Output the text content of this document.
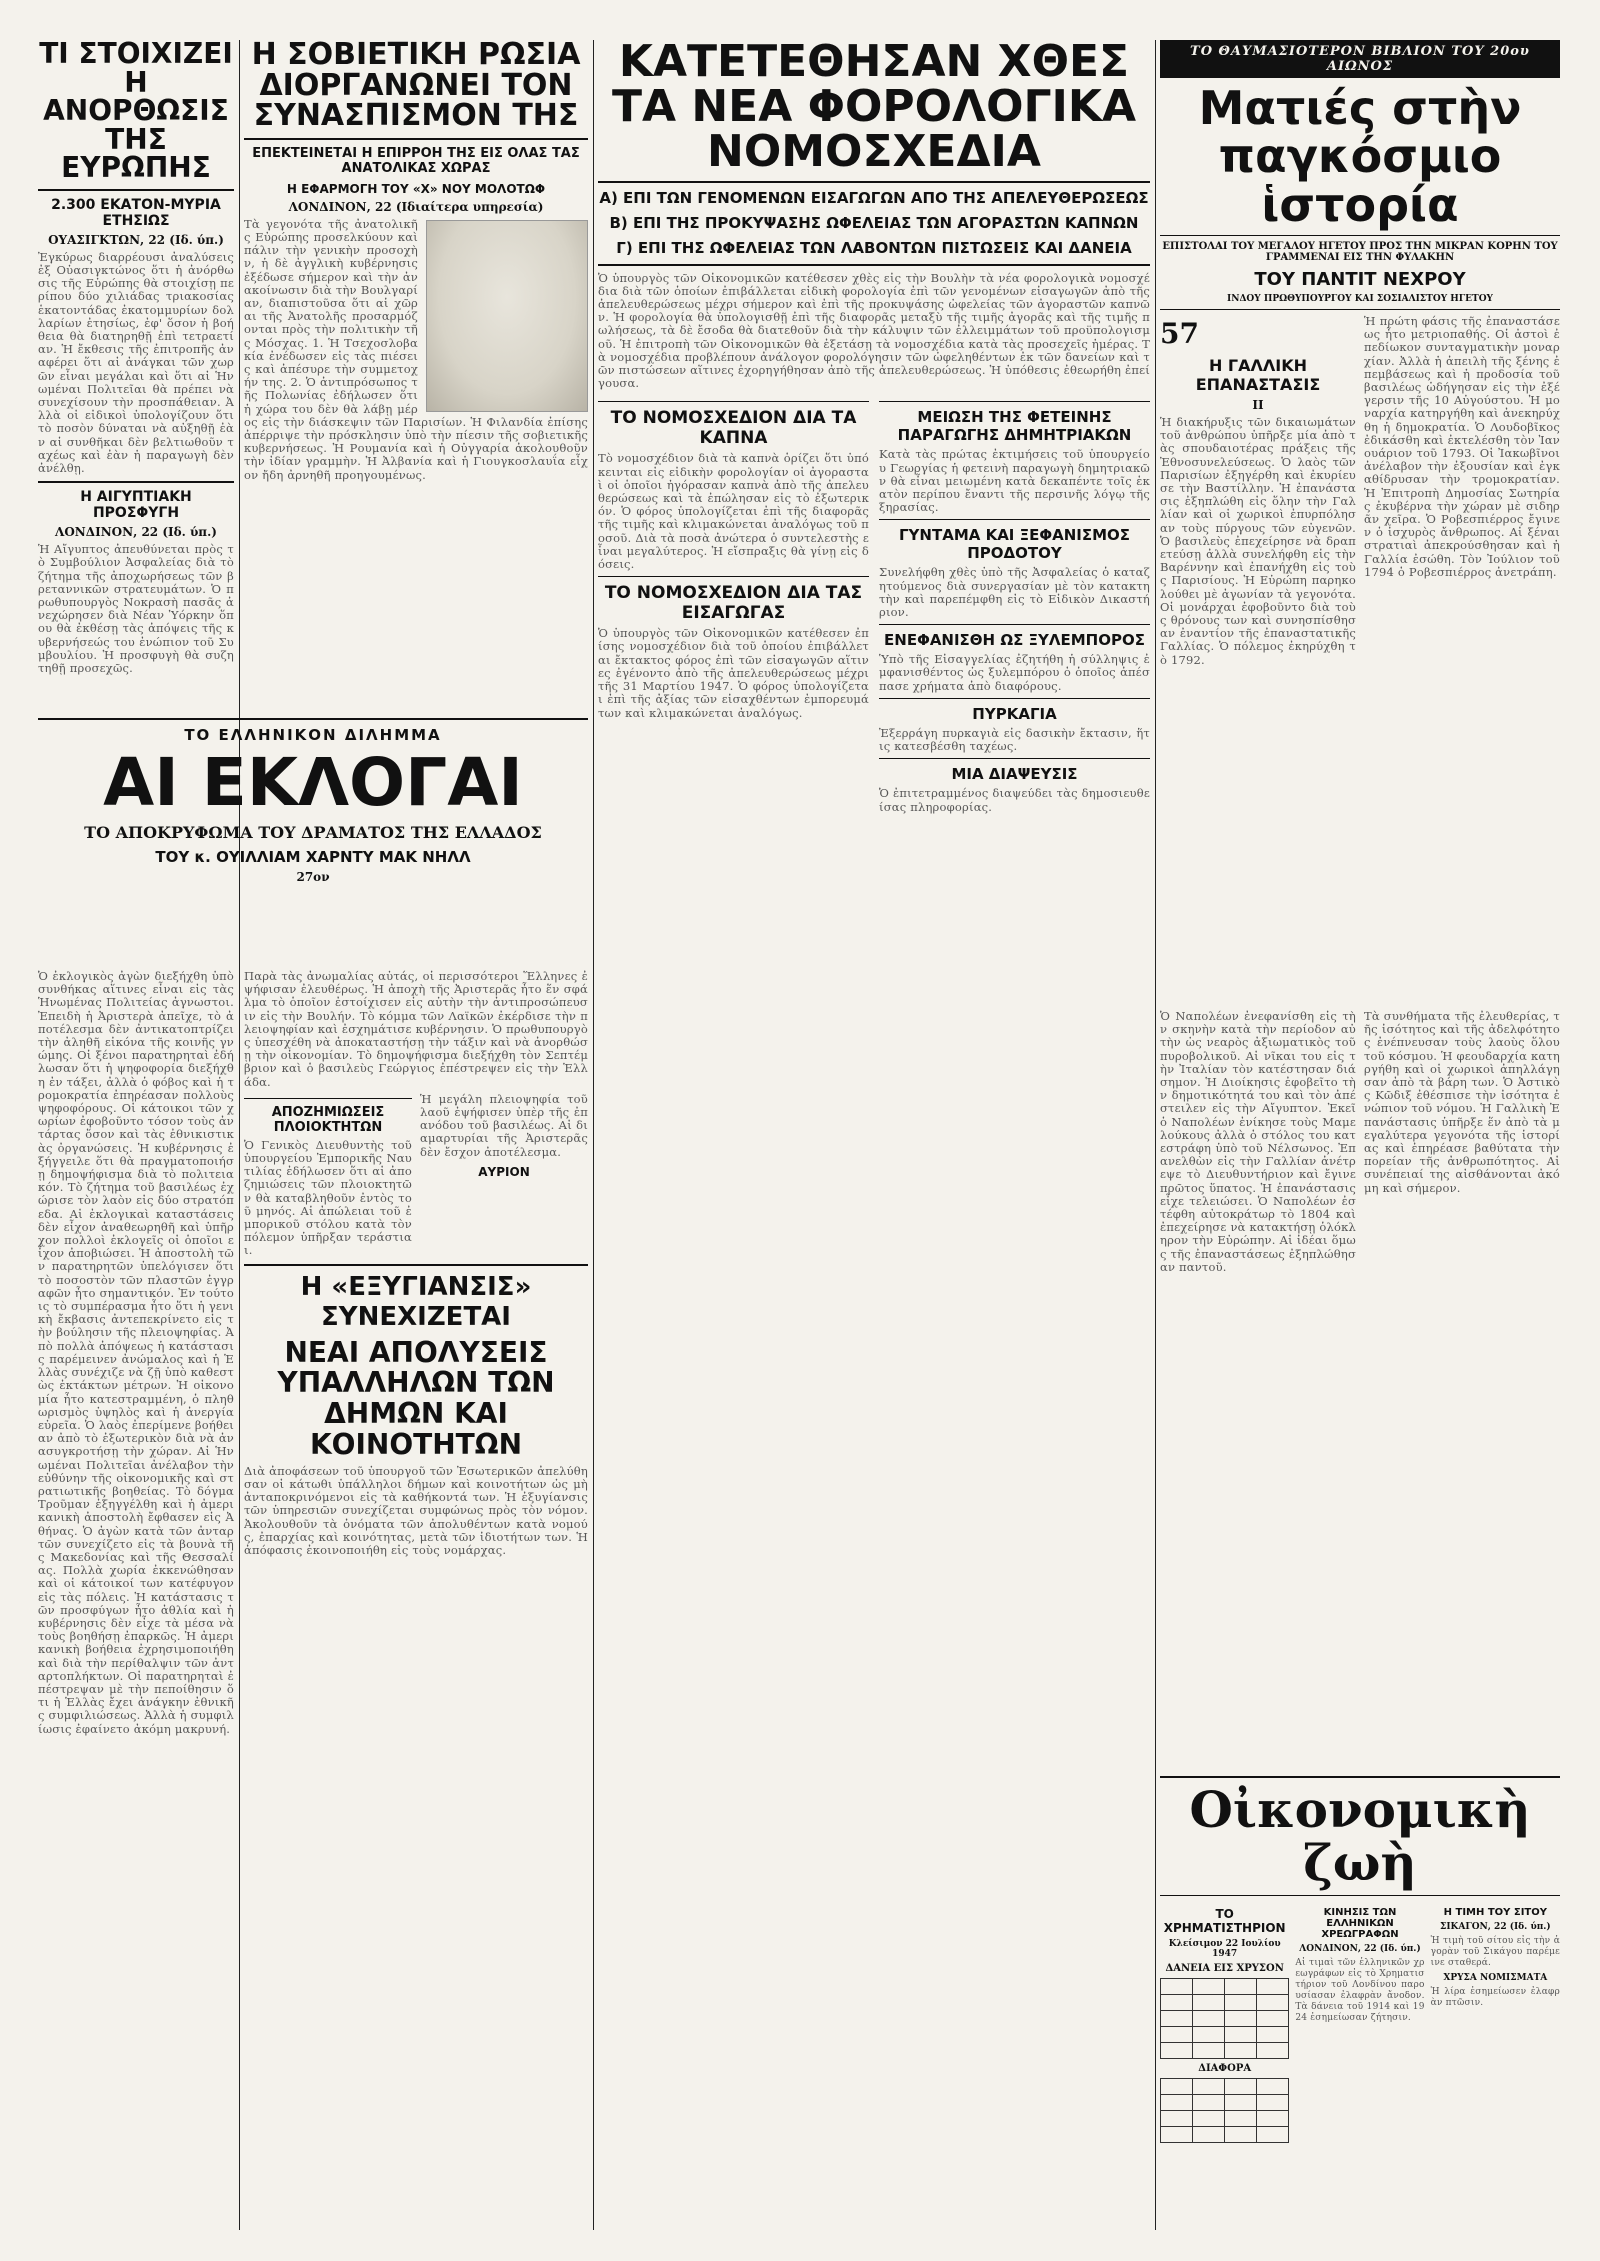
ΤΙ ΣΤΟΙΧΙΖΕΙ Η ΑΝΟΡΘΩΣΙΣ ΤΗΣ ΕΥΡΩΠΗΣ
2.300 ΕΚΑΤΟΝ-ΜΥΡΙΑ ΕΤΗΣΙΩΣ
ΟΥΑΣΙΓΚΤΩΝ, 22 (Ιδ. ύπ.)

Ἐγκύρως διαρρέουσι ἀναλύσεις ἐξ Οὐασιγκτώνος ὅτι ἡ ἀνόρθωσις τῆς Εὐρώπης θὰ στοιχίσῃ περίπου δύο χιλιάδας τριακοσίας ἑκατοντάδας ἐκατομμυρίων δολλαρίων ἐτησίως, ἐφ' ὅσον ἡ βοήθεια θὰ διατηρηθῇ ἐπὶ τετραετίαν. Ἡ ἔκθεσις τῆς ἐπιτροπῆς ἀναφέρει ὅτι αἱ ἀνάγκαι τῶν χωρῶν εἶναι μεγάλαι καὶ ὅτι αἱ Ἡνωμέναι Πολιτεῖαι θὰ πρέπει νὰ συνεχίσουν τὴν προσπάθειαν. Ἀλλὰ οἱ εἰδικοὶ ὑπολογίζουν ὅτι τὸ ποσὸν δύναται νὰ αὐξηθῇ ἐὰν αἱ συνθῆκαι δὲν βελτιωθοῦν ταχέως καὶ ἐὰν ἡ παραγωγὴ δὲν ἀνέλθῃ.

Η ΑΙΓΥΠΤΙΑΚΗ ΠΡΟΣΦΥΓΗ
ΛΟΝΔΙΝΟΝ, 22 (Ιδ. ύπ.)

Ἡ Αἴγυπτος ἀπευθύνεται πρὸς τὸ Συμβούλιον Ἀσφαλείας διὰ τὸ ζήτημα τῆς ἀποχωρήσεως τῶν βρεταννικῶν στρατευμάτων. Ὁ πρωθυπουργὸς Νοκρασὴ πασᾶς ἀνεχώρησεν διὰ Νέαν Ὑόρκην ὅπου θὰ ἐκθέσῃ τὰς ἀπόψεις τῆς κυβερνήσεώς του ἐνώπιον τοῦ Συμβουλίου. Ἡ προσφυγὴ θὰ συζητηθῇ προσεχῶς.

Η ΣΟΒΙΕΤΙΚΗ ΡΩΣΙΑ ΔΙΟΡΓΑΝΩΝΕΙ ΤΟΝ ΣΥΝΑΣΠΙΣΜΟΝ ΤΗΣ
ΕΠΕΚΤΕΙΝΕΤΑΙ Η ΕΠΙΡΡΟΗ ΤΗΣ ΕΙΣ ΟΛΑΣ ΤΑΣ ΑΝΑΤΟΛΙΚΑΣ ΧΩΡΑΣ
Η ΕΦΑΡΜΟΓΗ ΤΟΥ «Χ» ΝΟΥ ΜΟΛΟΤΩΦ
ΛΟΝΔΙΝΟΝ, 22 (Ιδιαίτερα υπηρεσία)

Τὰ γεγονότα τῆς ἀνατολικῆς Εὐρώπης προσελκύουν καὶ πάλιν τὴν γενικὴν προσοχὴν, ἡ δὲ ἀγγλικὴ κυβέρνησις ἐξέδωσε σήμερον καὶ τὴν ἀνακοίνωσιν διὰ τὴν Βουλγαρίαν, διαπιστοῦσα ὅτι αἱ χῶραι τῆς Ἀνατολῆς προσαρμόζονται πρὸς τὴν πολιτικὴν τῆς Μόσχας. 1. Ἡ Τσεχοσλοβακία ἐνέδωσεν εἰς τὰς πιέσεις καὶ ἀπέσυρε τὴν συμμετοχήν της. 2. Ὁ ἀντιπρόσωπος τῆς Πολωνίας ἐδήλωσεν ὅτι ἡ χώρα του δὲν θὰ λάβῃ μέρος εἰς τὴν διάσκεψιν τῶν Παρισίων. Ἡ Φιλανδία ἐπίσης ἀπέρριψε τὴν πρόσκλησιν ὑπὸ τὴν πίεσιν τῆς σοβιετικῆς κυβερνήσεως. Ἡ Ρουμανία καὶ ἡ Οὐγγαρία ἀκολουθοῦν τὴν ἰδίαν γραμμὴν. Ἡ Ἀλβανία καὶ ἡ Γιουγκοσλαυΐα εἶχον ἤδη ἀρνηθῆ προηγουμένως.

ΚΑΤΕΤΕΘΗΣΑΝ ΧΘΕΣ ΤΑ ΝΕΑ ΦΟΡΟΛΟΓΙΚΑ ΝΟΜΟΣΧΕΔΙΑ
Α) ΕΠΙ ΤΩΝ ΓΕΝΟΜΕΝΩΝ ΕΙΣΑΓΩΓΩΝ ΑΠΟ ΤΗΣ ΑΠΕΛΕΥΘΕΡΩΣΕΩΣ
Β) ΕΠΙ ΤΗΣ ΠΡΟΚΥΨΑΣΗΣ ΩΦΕΛΕΙΑΣ ΤΩΝ ΑΓΟΡΑΣΤΩΝ ΚΑΠΝΩΝ
Γ) ΕΠΙ ΤΗΣ ΩΦΕΛΕΙΑΣ ΤΩΝ ΛΑΒΟΝΤΩΝ ΠΙΣΤΩΣΕΙΣ ΚΑΙ ΔΑΝΕΙΑ

Ὁ ὑπουργὸς τῶν Οἰκονομικῶν κατέθεσεν χθὲς εἰς τὴν Βουλὴν τὰ νέα φορολογικὰ νομοσχέδια διὰ τῶν ὁποίων ἐπιβάλλεται εἰδικὴ φορολογία ἐπὶ τῶν γενομένων εἰσαγωγῶν ἀπὸ τῆς ἀπελευθερώσεως μέχρι σήμερον καὶ ἐπὶ τῆς προκυψάσης ὠφελείας τῶν ἀγοραστῶν καπνῶν. Ἡ φορολογία θὰ ὑπολογισθῇ ἐπὶ τῆς διαφορᾶς μεταξὺ τῆς τιμῆς ἀγορᾶς καὶ τῆς τιμῆς πωλήσεως, τὰ δὲ ἔσοδα θὰ διατεθοῦν διὰ τὴν κάλυψιν τῶν ἐλλειμμάτων τοῦ προϋπολογισμοῦ. Ἡ ἐπιτροπὴ τῶν Οἰκονομικῶν θὰ ἐξετάσῃ τὰ νομοσχέδια κατὰ τὰς προσεχεῖς ἡμέρας. Τὰ νομοσχέδια προβλέπουν ἀνάλογον φορολόγησιν τῶν ὠφεληθέντων ἐκ τῶν δανείων καὶ τῶν πιστώσεων αἵτινες ἐχορηγήθησαν ἀπὸ τῆς ἀπελευθερώσεως. Ἡ ὑπόθεσις ἐθεωρήθη ἐπείγουσα.

ΤΟ ΝΟΜΟΣΧΕΔΙΟΝ ΔΙΑ ΤΑ ΚΑΠΝΑ

Τὸ νομοσχέδιον διὰ τὰ καπνὰ ὁρίζει ὅτι ὑπόκεινται εἰς εἰδικὴν φορολογίαν οἱ ἀγορασταὶ οἱ ὁποῖοι ἠγόρασαν καπνὰ ἀπὸ τῆς ἀπελευθερώσεως καὶ τὰ ἐπώλησαν εἰς τὸ ἐξωτερικόν. Ὁ φόρος ὑπολογίζεται ἐπὶ τῆς διαφορᾶς τῆς τιμῆς καὶ κλιμακώνεται ἀναλόγως τοῦ ποσοῦ. Διὰ τὰ ποσὰ ἀνώτερα ὁ συντελεστὴς εἶναι μεγαλύτερος. Ἡ εἴσπραξις θὰ γίνῃ εἰς δόσεις.

ΤΟ ΝΟΜΟΣΧΕΔΙΟΝ ΔΙΑ ΤΑΣ ΕΙΣΑΓΩΓΑΣ

Ὁ ὑπουργὸς τῶν Οἰκονομικῶν κατέθεσεν ἐπίσης νομοσχέδιον διὰ τοῦ ὁποίου ἐπιβάλλεται ἔκτακτος φόρος ἐπὶ τῶν εἰσαγωγῶν αἵτινες ἐγένοντο ἀπὸ τῆς ἀπελευθερώσεως μέχρι τῆς 31 Μαρτίου 1947. Ὁ φόρος ὑπολογίζεται ἐπὶ τῆς ἀξίας τῶν εἰσαχθέντων ἐμπορευμάτων καὶ κλιμακώνεται ἀναλόγως.

ΜΕΙΩΣΗ ΤΗΣ ΦΕΤΕΙΝΗΣ ΠΑΡΑΓΩΓΗΣ ΔΗΜΗΤΡΙΑΚΩΝ

Κατὰ τὰς πρώτας ἐκτιμήσεις τοῦ ὑπουργείου Γεωργίας ἡ φετεινὴ παραγωγὴ δημητριακῶν θὰ εἶναι μειωμένη κατὰ δεκαπέντε τοῖς ἑκατὸν περίπου ἔναντι τῆς περσινῆς λόγῳ τῆς ξηρασίας.

ΓΥΝΤΑΜΑ ΚΑΙ ΞΕΦΑΝΙΣΜΟΣ ΠΡΟΔΟΤΟΥ

Συνελήφθη χθὲς ὑπὸ τῆς Ἀσφαλείας ὁ καταζητούμενος διὰ συνεργασίαν μὲ τὸν κατακτητὴν καὶ παρεπέμφθη εἰς τὸ Εἰδικὸν Δικαστήριον.

ΕΝΕΦΑΝΙΣΘΗ ΩΣ ΞΥΛΕΜΠΟΡΟΣ

Ὑπὸ τῆς Εἰσαγγελίας ἐζητήθη ἡ σύλληψις ἐμφανισθέντος ὡς ξυλεμπόρου ὁ ὁποῖος ἀπέσπασε χρήματα ἀπὸ διαφόρους.

ΠΥΡΚΑΓΙΑ

Ἐξερράγη πυρκαγιὰ εἰς δασικὴν ἔκτασιν, ἥτις κατεσβέσθη ταχέως.

ΜΙΑ ΔΙΑΨΕΥΣΙΣ

Ὁ ἐπιτετραμμένος διαψεύδει τὰς δημοσιευθείσας πληροφορίας.

ΤΟ ΘΑΥΜΑΣΙΟΤΕΡΟΝ ΒΙΒΛΙΟΝ ΤΟΥ 20ου ΑΙΩΝΟΣ
Ματιές στὴν παγκόσμιο ἱστορία
ΕΠΙΣΤΟΛΑΙ ΤΟΥ ΜΕΓΑΛΟΥ ΗΓΕΤΟΥ ΠΡΟΣ ΤΗΝ ΜΙΚΡΑΝ ΚΟΡΗΝ ΤΟΥ ΓΡΑΜΜΕΝΑΙ ΕΙΣ ΤΗΝ ΦΥΛΑΚΗΝ
ΤΟΥ ΠΑΝΤΙΤ ΝΕΧΡΟΥ
ΙΝΔΟΥ ΠΡΩΘΥΠΟΥΡΓΟΥ ΚΑΙ ΣΟΣΙΑΛΙΣΤΟΥ ΗΓΕΤΟΥ
57
Η ΓΑΛΛΙΚΗ ΕΠΑΝΑΣΤΑΣΙΣ
ΙΙ

Ἡ διακήρυξις τῶν δικαιωμάτων τοῦ ἀνθρώπου ὑπῆρξε μία ἀπὸ τὰς σπουδαιοτέρας πράξεις τῆς Ἐθνοσυνελεύσεως. Ὁ λαὸς τῶν Παρισίων ἐξηγέρθη καὶ ἐκυρίευσε τὴν Βαστίλλην. Ἡ ἐπανάστασις ἐξηπλώθη εἰς ὅλην τὴν Γαλλίαν καὶ οἱ χωρικοὶ ἐπυρπόλησαν τοὺς πύργους τῶν εὐγενῶν. Ὁ βασιλεὺς ἐπεχείρησε νὰ δραπετεύσῃ ἀλλὰ συνελήφθη εἰς τὴν Βαρέννην καὶ ἐπανήχθη εἰς τοὺς Παρισίους. Ἡ Εὐρώπη παρηκολούθει μὲ ἀγωνίαν τὰ γεγονότα. Οἱ μονάρχαι ἐφοβοῦντο διὰ τοὺς θρόνους των καὶ συνησπίσθησαν ἐναντίον τῆς ἐπαναστατικῆς Γαλλίας. Ὁ πόλεμος ἐκηρύχθη τὸ 1792.

Ἡ πρώτη φάσις τῆς ἐπαναστάσεως ἦτο μετριοπαθής. Οἱ ἀστοὶ ἐπεδίωκον συνταγματικὴν μοναρχίαν. Ἀλλὰ ἡ ἀπειλὴ τῆς ξένης ἐπεμβάσεως καὶ ἡ προδοσία τοῦ βασιλέως ὡδήγησαν εἰς τὴν ἐξέγερσιν τῆς 10 Αὐγούστου. Ἡ μοναρχία κατηργήθη καὶ ἀνεκηρύχθη ἡ δημοκρατία. Ὁ Λουδοβῖκος ἐδικάσθη καὶ ἐκτελέσθη τὸν Ἰανουάριον τοῦ 1793. Οἱ Ἰακωβῖνοι ἀνέλαβον τὴν ἐξουσίαν καὶ ἐγκαθίδρυσαν τὴν τρομοκρατίαν. Ἡ Ἐπιτροπὴ Δημοσίας Σωτηρίας ἐκυβέρνα τὴν χώραν μὲ σιδηρᾶν χεῖρα. Ὁ Ροβεσπιέρρος ἔγινεν ὁ ἰσχυρὸς ἄνθρωπος. Αἱ ξέναι στρατιαὶ ἀπεκρούσθησαν καὶ ἡ Γαλλία ἐσώθη. Τὸν Ἰούλιον τοῦ 1794 ὁ Ροβεσπιέρρος ἀνετράπη.

ΤΟ ΕΛΛΗΝΙΚΟΝ ΔΙΛΗΜΜΑ
ΑΙ ΕΚΛΟΓΑΙ
ΤΟ ΑΠΟΚΡΥΦΩΜΑ ΤΟΥ ΔΡΑΜΑΤΟΣ ΤΗΣ ΕΛΛΑΔΟΣ
ΤΟΥ κ. ΟΥΙΛΛΙΑΜ ΧΑΡΝΤΥ ΜΑΚ ΝΗΛΛ
27ον

Ὁ ἐκλογικὸς ἀγὼν διεξήχθη ὑπὸ συνθήκας αἵτινες εἶναι εἰς τὰς Ἡνωμένας Πολιτείας ἀγνωστοι. Ἐπειδὴ ἡ Ἀριστερὰ ἀπεῖχε, τὸ ἀποτέλεσμα δὲν ἀντικατοπτρίζει τὴν ἀληθῆ εἰκόνα τῆς κοινῆς γνώμης. Οἱ ξένοι παρατηρηταὶ ἐδήλωσαν ὅτι ἡ ψηφοφορία διεξήχθη ἐν τάξει, ἀλλὰ ὁ φόβος καὶ ἡ τρομοκρατία ἐπηρέασαν πολλοὺς ψηφοφόρους. Οἱ κάτοικοι τῶν χωρίων ἐφοβοῦντο τόσον τοὺς ἀντάρτας ὅσον καὶ τὰς ἐθνικιστικὰς ὀργανώσεις. Ἡ κυβέρνησις ἐξήγγειλε ὅτι θὰ πραγματοποιήσῃ δημοψήφισμα διὰ τὸ πολιτειακόν. Τὸ ζήτημα τοῦ βασιλέως ἐχώρισε τὸν λαὸν εἰς δύο στρατόπεδα. Αἱ ἐκλογικαὶ καταστάσεις δὲν εἶχον ἀναθεωρηθῆ καὶ ὑπῆρχον πολλοὶ ἐκλογεῖς οἱ ὁποῖοι εἶχον ἀποβιώσει. Ἡ ἀποστολὴ τῶν παρατηρητῶν ὑπελόγισεν ὅτι τὸ ποσοστὸν τῶν πλαστῶν ἐγγραφῶν ἦτο σημαντικόν. Ἐν τούτοις τὸ συμπέρασμα ἦτο ὅτι ἡ γενικὴ ἔκβασις ἀντεπεκρίνετο εἰς τὴν βούλησιν τῆς πλειοψηφίας. Ἀπὸ πολλὰ ἀπόψεως ἡ κατάστασις παρέμεινεν ἀνώμαλος καὶ ἡ Ἑλλὰς συνέχιζε νὰ ζῇ ὑπὸ καθεστὼς ἐκτάκτων μέτρων. Ἡ οἰκονομία ἦτο κατεστραμμένη, ὁ πληθωρισμὸς ὑψηλὸς καὶ ἡ ἀνεργία εὐρεῖα. Ὁ λαὸς ἐπερίμενε βοήθειαν ἀπὸ τὸ ἐξωτερικὸν διὰ νὰ ἀνασυγκροτήσῃ τὴν χώραν. Αἱ Ἡνωμέναι Πολιτεῖαι ἀνέλαβον τὴν εὐθύνην τῆς οἰκονομικῆς καὶ στρατιωτικῆς βοηθείας. Τὸ δόγμα Τροῦμαν ἐξηγγέλθη καὶ ἡ ἀμερικανικὴ ἀποστολὴ ἔφθασεν εἰς Ἀθήνας. Ὁ ἀγὼν κατὰ τῶν ἀνταρτῶν συνεχίζετο εἰς τὰ βουνὰ τῆς Μακεδονίας καὶ τῆς Θεσσαλίας. Πολλὰ χωρία ἐκκενώθησαν καὶ οἱ κάτοικοί των κατέφυγον εἰς τὰς πόλεις. Ἡ κατάστασις τῶν προσφύγων ἦτο ἀθλία καὶ ἡ κυβέρνησις δὲν εἶχε τὰ μέσα νὰ τοὺς βοηθήσῃ ἐπαρκῶς. Ἡ ἀμερικανικὴ βοήθεια ἐχρησιμοποιήθη καὶ διὰ τὴν περίθαλψιν τῶν ἀνταρτοπλήκτων. Οἱ παρατηρηταὶ ἐπέστρεψαν μὲ τὴν πεποίθησιν ὅτι ἡ Ἑλλὰς ἔχει ἀνάγκην ἐθνικῆς συμφιλιώσεως. Ἀλλὰ ἡ συμφιλίωσις ἐφαίνετο ἀκόμη μακρυνή.

Παρὰ τὰς ἀνωμαλίας αὐτάς, οἱ περισσότεροι Ἕλληνες ἐψήφισαν ἐλευθέρως. Ἡ ἀποχὴ τῆς Ἀριστερᾶς ἦτο ἕν σφάλμα τὸ ὁποῖον ἐστοίχισεν εἰς αὐτὴν τὴν ἀντιπροσώπευσιν εἰς τὴν Βουλήν. Τὸ κόμμα τῶν Λαϊκῶν ἐκέρδισε τὴν πλειοψηφίαν καὶ ἐσχημάτισε κυβέρνησιν. Ὁ πρωθυπουργὸς ὑπεσχέθη νὰ ἀποκαταστήσῃ τὴν τάξιν καὶ νὰ ἀνορθώσῃ τὴν οἰκονομίαν. Τὸ δημοψήφισμα διεξήχθη τὸν Σεπτέμβριον καὶ ὁ βασιλεὺς Γεώργιος ἐπέστρεψεν εἰς τὴν Ἑλλάδα.

ΑΠΟΖΗΜΙΩΣΕΙΣ ΠΛΟΙΟΚΤΗΤΩΝ

Ὁ Γενικὸς Διευθυντὴς τοῦ ὑπουργείου Ἐμπορικῆς Ναυτιλίας ἐδήλωσεν ὅτι αἱ ἀποζημιώσεις τῶν πλοιοκτητῶν θὰ καταβληθοῦν ἐντὸς τοῦ μηνός. Αἱ ἀπώλειαι τοῦ ἐμπορικοῦ στόλου κατὰ τὸν πόλεμον ὑπῆρξαν τεράστιαι.

Ἡ μεγάλη πλειοψηφία τοῦ λαοῦ ἐψήφισεν ὑπὲρ τῆς ἐπανόδου τοῦ βασιλέως. Αἱ διαμαρτυρίαι τῆς Ἀριστερᾶς δὲν ἔσχον ἀποτέλεσμα.

ΑΥΡΙΟΝ
Η «ΕΞΥΓΙΑΝΣΙΣ» ΣΥΝΕΧΙΖΕΤΑΙ
ΝΕΑΙ ΑΠΟΛΥΣΕΙΣ ΥΠΑΛΛΗΛΩΝ ΤΩΝ ΔΗΜΩΝ ΚΑΙ ΚΟΙΝΟΤΗΤΩΝ

Διὰ ἀποφάσεων τοῦ ὑπουργοῦ τῶν Ἐσωτερικῶν ἀπελύθησαν οἱ κάτωθι ὑπάλληλοι δήμων καὶ κοινοτήτων ὡς μὴ ἀνταποκρινόμενοι εἰς τὰ καθήκοντά των. Ἡ ἐξυγίανσις τῶν ὑπηρεσιῶν συνεχίζεται συμφώνως πρὸς τὸν νόμον. Ἀκολουθοῦν τὰ ὀνόματα τῶν ἀπολυθέντων κατὰ νομούς, ἐπαρχίας καὶ κοινότητας, μετὰ τῶν ἰδιοτήτων των. Ἡ ἀπόφασις ἐκοινοποιήθη εἰς τοὺς νομάρχας.

Οἰκονομικὴ ζωὴ
ΤΟ ΧΡΗΜΑΤΙΣΤΗΡΙΟΝ
Κλείσιμον 22 Ιουλίου 1947
ΔΑΝΕΙΑ ΕΙΣ ΧΡΥΣΟΝ

ΔΙΑΦΟΡΑ

ΚΙΝΗΣΙΣ ΤΩΝ ΕΛΛΗΝΙΚΩΝ ΧΡΕΩΓΡΑΦΩΝ
ΛΟΝΔΙΝΟΝ, 22 (Ιδ. ύπ.)

Αἱ τιμαὶ τῶν ἑλληνικῶν χρεωγράφων εἰς τὸ Χρηματιστήριον τοῦ Λονδίνου παρουσίασαν ἐλαφρὰν ἄνοδον. Τὰ δάνεια τοῦ 1914 καὶ 1924 ἐσημείωσαν ζήτησιν.

Η ΤΙΜΗ ΤΟΥ ΣΙΤΟΥ
ΣΙΚΑΓΟΝ, 22 (Ιδ. ύπ.)

Ἡ τιμὴ τοῦ σίτου εἰς τὴν ἀγορὰν τοῦ Σικάγου παρέμεινε σταθερά.

ΧΡΥΣΑ ΝΟΜΙΣΜΑΤΑ

Ἡ λίρα ἐσημείωσεν ἐλαφρὰν πτῶσιν.

Ὁ Ναπολέων ἐνεφανίσθη εἰς τὴν σκηνὴν κατὰ τὴν περίοδον αὐτὴν ὡς νεαρὸς ἀξιωματικὸς τοῦ πυροβολικοῦ. Αἱ νῖκαι του εἰς τὴν Ἰταλίαν τὸν κατέστησαν διάσημον. Ἡ Διοίκησις ἐφοβεῖτο τὴν δημοτικότητά του καὶ τὸν ἀπέστειλεν εἰς τὴν Αἴγυπτον. Ἐκεῖ ὁ Ναπολέων ἐνίκησε τοὺς Μαμελούκους ἀλλὰ ὁ στόλος του κατεστράφη ὑπὸ τοῦ Νέλσωνος. Ἐπανελθὼν εἰς τὴν Γαλλίαν ἀνέτρεψε τὸ Διευθυντήριον καὶ ἔγινε πρῶτος ὕπατος. Ἡ ἐπανάστασις εἶχε τελειώσει. Ὁ Ναπολέων ἐστέφθη αὐτοκράτωρ τὸ 1804 καὶ ἐπεχείρησε νὰ κατακτήσῃ ὁλόκληρον τὴν Εὐρώπην. Αἱ ἰδέαι ὅμως τῆς ἐπαναστάσεως ἐξηπλώθησαν παντοῦ.

Τὰ συνθήματα τῆς ἐλευθερίας, τῆς ἰσότητος καὶ τῆς ἀδελφότητος ἐνέπνευσαν τοὺς λαοὺς ὅλου τοῦ κόσμου. Ἡ φεουδαρχία κατηργήθη καὶ οἱ χωρικοὶ ἀπηλλάγησαν ἀπὸ τὰ βάρη των. Ὁ Ἀστικὸς Κῶδιξ ἐθέσπισε τὴν ἰσότητα ἐνώπιον τοῦ νόμου. Ἡ Γαλλικὴ Ἐπανάστασις ὑπῆρξε ἕν ἀπὸ τὰ μεγαλύτερα γεγονότα τῆς ἱστορίας καὶ ἐπηρέασε βαθύτατα τὴν πορείαν τῆς ἀνθρωπότητος. Αἱ συνέπειαί της αἰσθάνονται ἀκόμη καὶ σήμερον.
